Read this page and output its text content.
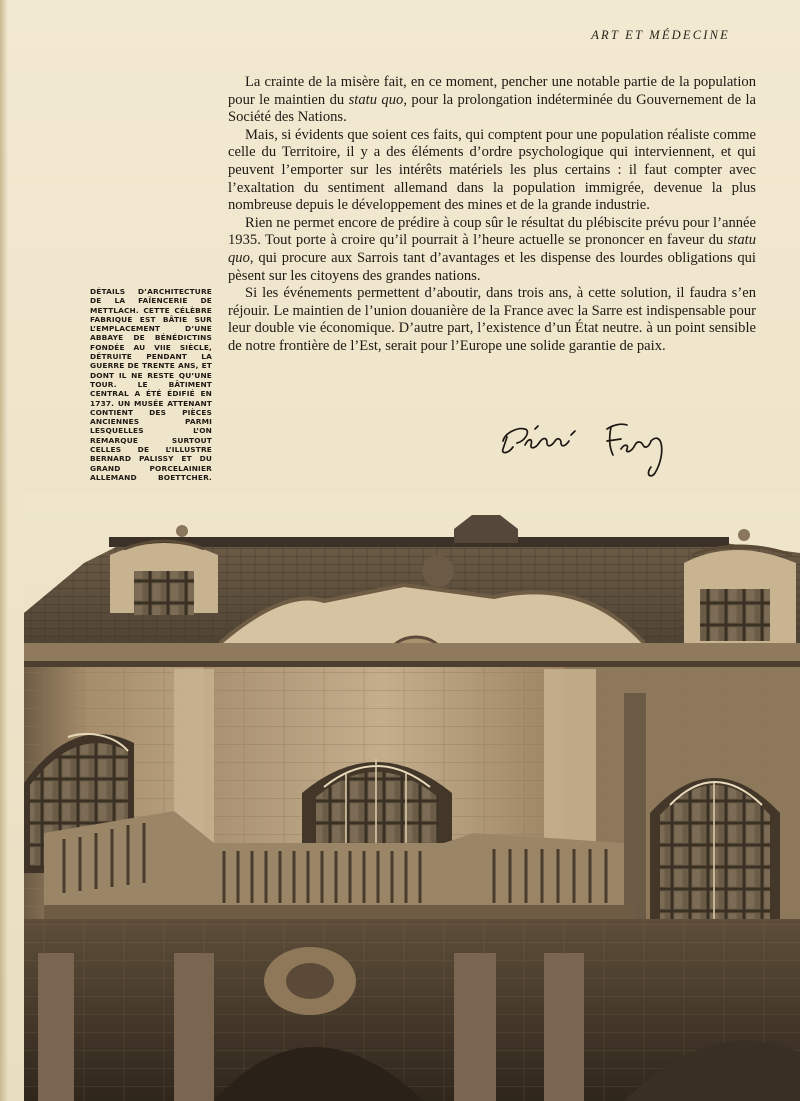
ART ET MÉDECINE

La crainte de la misère fait, en ce moment, pencher une notable partie de la population pour le maintien du statu quo, pour la prolongation indéterminée du Gouvernement de la Société des Nations.

Mais, si évidents que soient ces faits, qui comptent pour une population réaliste comme celle du Territoire, il y a des éléments d’ordre psychologique qui interviennent, et qui peuvent l’emporter sur les intérêts matériels les plus certains : il faut compter avec l’exaltation du sentiment allemand dans la population immigrée, devenue la plus nombreuse depuis le développement des mines et de la grande industrie.

Rien ne permet encore de prédire à coup sûr le résultat du plébiscite prévu pour l’année 1935. Tout porte à croire qu’il pourrait à l’heure actuelle se prononcer en faveur du statu quo, qui procure aux Sarrois tant d’avantages et les dispense des lourdes obligations qui pèsent sur les citoyens des grandes nations.

Si les événements permettent d’aboutir, dans trois ans, à cette solution, il faudra s’en réjouir. Le maintien de l’union douanière de la France avec la Sarre est indispensable pour leur double vie économique. D’autre part, l’existence d’un État neutre. à un point sensible de notre frontière de l’Est, serait pour l’Europe une solide garantie de paix.

DÉTAILS D’ARCHITECTURE DE LA FAÏENCERIE DE METTLACH. CETTE CÉLÈBRE FABRIQUE EST BÂTIE SUR L’EMPLACEMENT D’UNE ABBAYE DE BÉNÉDICTINS FONDÉE AU VIIE SIÈCLE, DÉTRUITE PENDANT LA GUERRE DE TRENTE ANS, ET DONT IL NE RESTE QU’UNE TOUR. LE BÂTIMENT CENTRAL A ÉTÉ ÉDIFIÉ EN 1737. UN MUSÉE ATTENANT CONTIENT DES PIÈCES ANCIENNES PARMI LESQUELLES L’ON REMARQUE SURTOUT CELLES DE L’ILLUSTRE BERNARD PALISSY ET DU GRAND PORCELAINIER ALLEMAND BOETTCHER.
